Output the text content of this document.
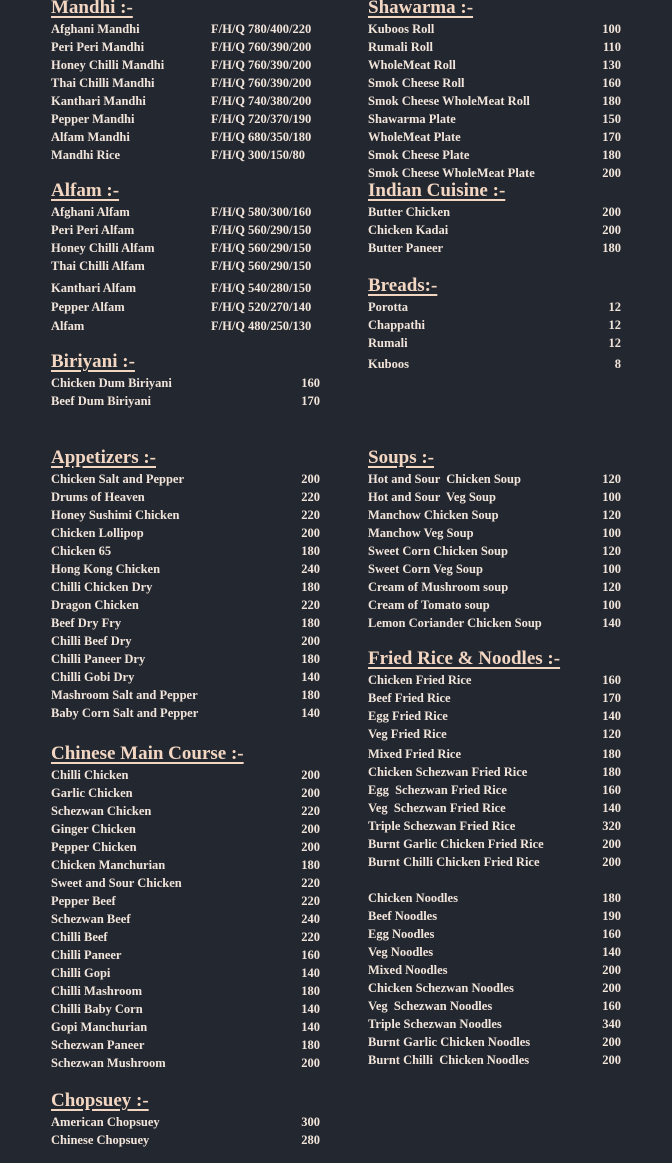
Mandhi :-
Afghani Mandhi	F/H/Q 780/400/220
Peri Peri Mandhi	F/H/Q 760/390/200
Honey Chilli Mandhi	F/H/Q 760/390/200
Thai Chilli Mandhi	F/H/Q 760/390/200
Kanthari Mandhi	F/H/Q 740/380/200
Pepper Mandhi	F/H/Q 720/370/190
Alfam Mandhi	F/H/Q 680/350/180
Mandhi Rice	F/H/Q 300/150/80
Alfam :-
Afghani Alfam	F/H/Q 580/300/160
Peri Peri Alfam	F/H/Q 560/290/150
Honey Chilli Alfam	F/H/Q 560/290/150
Thai Chilli Alfam	F/H/Q 560/290/150
Kanthari Alfam	F/H/Q 540/280/150
Pepper Alfam	F/H/Q 520/270/140
Alfam	F/H/Q 480/250/130
Biriyani :-
Chicken Dum Biriyani	160
Beef Dum Biriyani	170
Appetizers :-
Chicken Salt and Pepper	200
Drums of Heaven	220
Honey Sushimi Chicken	220
Chicken Lollipop	200
Chicken 65	180
Hong Kong Chicken	240
Chilli Chicken Dry	180
Dragon Chicken	220
Beef Dry Fry	180
Chilli Beef Dry	200
Chilli Paneer Dry	180
Chilli Gobi Dry	140
Mashroom Salt and Pepper	180
Baby Corn Salt and Pepper	140
Chinese Main Course :-
Chilli Chicken	200
Garlic Chicken	200
Schezwan Chicken	220
Ginger Chicken	200
Pepper Chicken	200
Chicken Manchurian	180
Sweet and Sour Chicken	220
Pepper Beef	220
Schezwan Beef	240
Chilli Beef	220
Chilli Paneer	160
Chilli Gopi	140
Chilli Mashroom	180
Chilli Baby Corn	140
Gopi Manchurian	140
Schezwan Paneer	180
Schezwan Mushroom	200
Chopsuey :-
American Chopsuey	300
Chinese Chopsuey	280
Shawarma :-
Kuboos Roll	100
Rumali Roll	110
WholeMeat Roll	130
Smok Cheese Roll	160
Smok Cheese WholeMeat Roll	180
Shawarma Plate	150
WholeMeat Plate	170
Smok Cheese Plate	180
Smok Cheese WholeMeat Plate	200
Indian Cuisine :-
Butter Chicken	200
Chicken Kadai	200
Butter Paneer	180
Breads:-
Porotta	12
Chappathi	12
Rumali	12
Kuboos	8
Soups :-
Hot and Sour  Chicken Soup	120
Hot and Sour  Veg Soup	100
Manchow Chicken Soup	120
Manchow Veg Soup	100
Sweet Corn Chicken Soup	120
Sweet Corn Veg Soup	100
Cream of Mushroom soup	120
Cream of Tomato soup	100
Lemon Coriander Chicken Soup	140
Fried Rice & Noodles :-
Chicken Fried Rice	160
Beef Fried Rice	170
Egg Fried Rice	140
Veg Fried Rice	120
Mixed Fried Rice	180
Chicken Schezwan Fried Rice	180
Egg  Schezwan Fried Rice	160
Veg  Schezwan Fried Rice	140
Triple Schezwan Fried Rice	320
Burnt Garlic Chicken Fried Rice	200
Burnt Chilli Chicken Fried Rice	200
Chicken Noodles	180
Beef Noodles	190
Egg Noodles	160
Veg Noodles	140
Mixed Noodles	200
Chicken Schezwan Noodles	200
Veg  Schezwan Noodles	160
Triple Schezwan Noodles	340
Burnt Garlic Chicken Noodles	200
Burnt Chilli  Chicken Noodles	200
